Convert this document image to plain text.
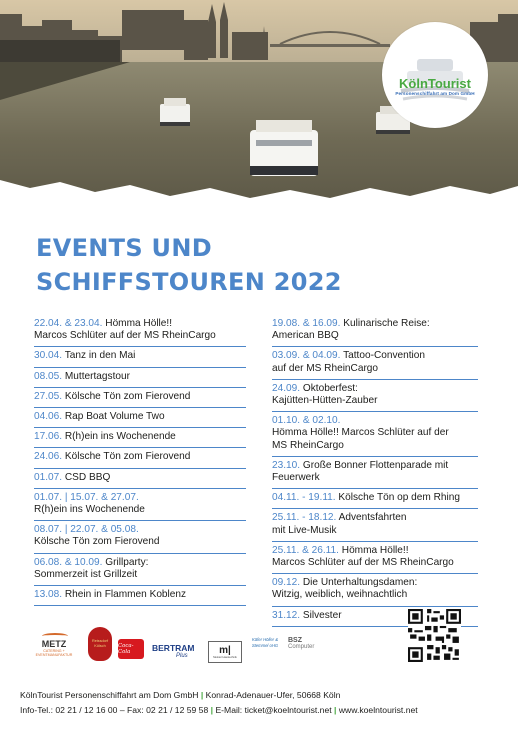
KölnTourist
Personenschiffahrt am Dom GmbH
EVENTS UND
SCHIFFSTOUREN 2022
22.04. & 23.04. Hömma Hölle!!
Marcos Schlüter auf der MS RheinCargo
30.04. Tanz in den Mai
08.05. Muttertagstour
27.05. Kölsche Tön zom Fierovend
04.06. Rap Boat Volume Two
17.06. R(h)ein ins Wochenende
24.06. Kölsche Tön zom Fierovend
01.07. CSD BBQ
01.07. | 15.07. & 27.07.
R(h)ein ins Wochenende
08.07. | 22.07. & 05.08.
Kölsche Tön zom Fierovend
06.08. & 10.09. Grillparty:
Sommerzeit ist Grillzeit
13.08. Rhein in Flammen Koblenz
19.08. & 16.09. Kulinarische Reise:
American BBQ
03.09. & 04.09. Tattoo-Convention
auf der MS RheinCargo
24.09. Oktoberfest:
Kajütten-Hütten-Zauber
01.10. & 02.10.
Hömma Hölle!! Marcos Schlüter auf der
MS RheinCargo
23.10. Große Bonner Flottenparade mit
Feuerwerk
04.11. - 19.11. Kölsche Tön op dem Rhing
25.11. - 18.12. Adventsfahrten
mit Live-Musik
25.11. & 26.11. Hömma Hölle!!
Marcos Schlüter auf der MS RheinCargo
09.12. Die Unterhaltungsdamen:
Witzig, weiblich, weihnachtlich
31.12. Silvester
METZ
CATERING + EVENTMANUFAKTUR
Reissdorf Kölsch	Coca-Cola	BERTRAM
Plus	m|
Meister Haustechnik
Käfer Höller & Stemmel oHG
BSZ
Computer
KölnTourist Personenschiffahrt am Dom GmbH | Konrad-Adenauer-Ufer, 50668 Köln
Info-Tel.: 02 21 / 12 16 00 – Fax: 02 21 / 12 59 58 | E-Mail: ticket@koelntourist.net | www.koelntourist.net
